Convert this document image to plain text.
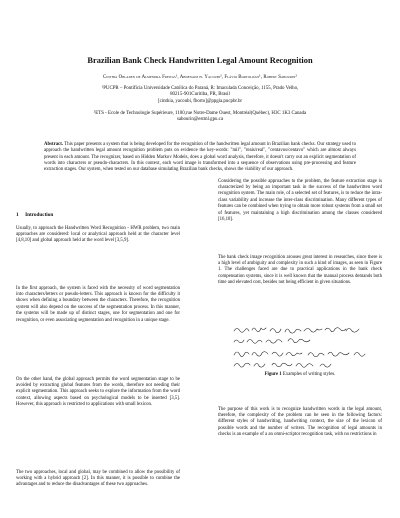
Brazilian Bank Check Handwritten Legal Amount Recognition
Cinthia Obladen de Almendra Freitas¹, Abdenaim el Yacoubi², Flávio Bortolozzi¹, Robert Sabourin²
¹PUCPR – Pontifícia Universidade Católica do Paraná, R: Imaculada Conceição, 1155, Prado Velho,
80215-901Curitiba, PR, Brasil
[cinthia, yacoubi, fborto]@ppgia.pucpbr.br
²ETS - Ecole de Technologie Supérieure, 1100,rue Notre-Dame Ouest, Montréal(Québec), H3C 1K3 Canada
sabourin@estml.gpu.ca
Abstract. This paper presents a system that is being developed for the recognition of the handwritten legal amount in Brazilian bank checks. Our strategy used to approach the handwritten legal amount recognition problem puts on evidence the key-words: "mil", "reais/real", "centavos/centavo" which are almost always present in each amount. The recognizer, based on Hidden Markov Models, does a global word analysis, therefore, it doesn't carry out an explicit segmentation of words into characters or pseudo-characters. In this context, each word image is transformed into a sequence of observations using pre-processing and feature extraction stages. Our system, when tested on our database simulating Brazilian bank checks, shows the viability of our approach.
1 Introduction

Usually, to approach the Handwritten Word Recognition - HWR problem, two main approaches are considered: local or analytical approach held at the character level [4,8,10] and global approach held at the word level [3,5,9].

In the first approach, the system is faced with the necessity of word segmentation into characters/letters or pseudo-letters. This approach is known for the difficulty it shows when defining a boundary between the characters. Therefore, the recognition system will also depend on the success of the segmentation process. In this manner, the systems will be made up of distinct stages, one for segmentation and one for recognition, or even associating segmentation and recognition in a unique stage.

On the other hand, the global approach permits the word segmentation stage to be avoided by extracting global features from the words, therefore not needing their explicit segmentation. This approach seeks to explore the information from the word context, allowing aspects based on psychological models to be inserted [3,5]. However, this approach is restricted to applications with small lexicon.

The two approaches, local and global, may be combined to allow the possibility of working with a hybrid approach [2]. In this manner, it is possible to combine the advantages and to reduce the disadvantages of these two approaches.

Considering the possible approaches to the problem, the feature extraction stage is characterized by being an important task in the success of the handwritten word recognition system. The main role, of a selected set of features, is to reduce the intra-class variability and increase the inter-class discrimination. Many different types of features can be combined when trying to obtain more robust systems from a small set of features, yet maintaining a high discrimination among the classes considered [16,18].

The bank check image recognition arouses great interest in researches, since there is a high level of ambiguity and complexity in such a kind of images, as seen in Figure 1. The challenges faced are due to practical applications in the bank check compensation systems, since it is well known that the manual process demands both time and elevated cost, besides not being efficient in given situations.

Figure 1 Examples of writing styles.

The purpose of this work is to recognize handwritten words in the legal amount, therefore, the complexity of the problem can be seen in the following factors: different styles of handwriting, handwriting context, the size of the lexicon of possible words and the number of writers. The recognition of legal amounts in checks is an example of a an omni-scriptor recognition task, with no restrictions in
